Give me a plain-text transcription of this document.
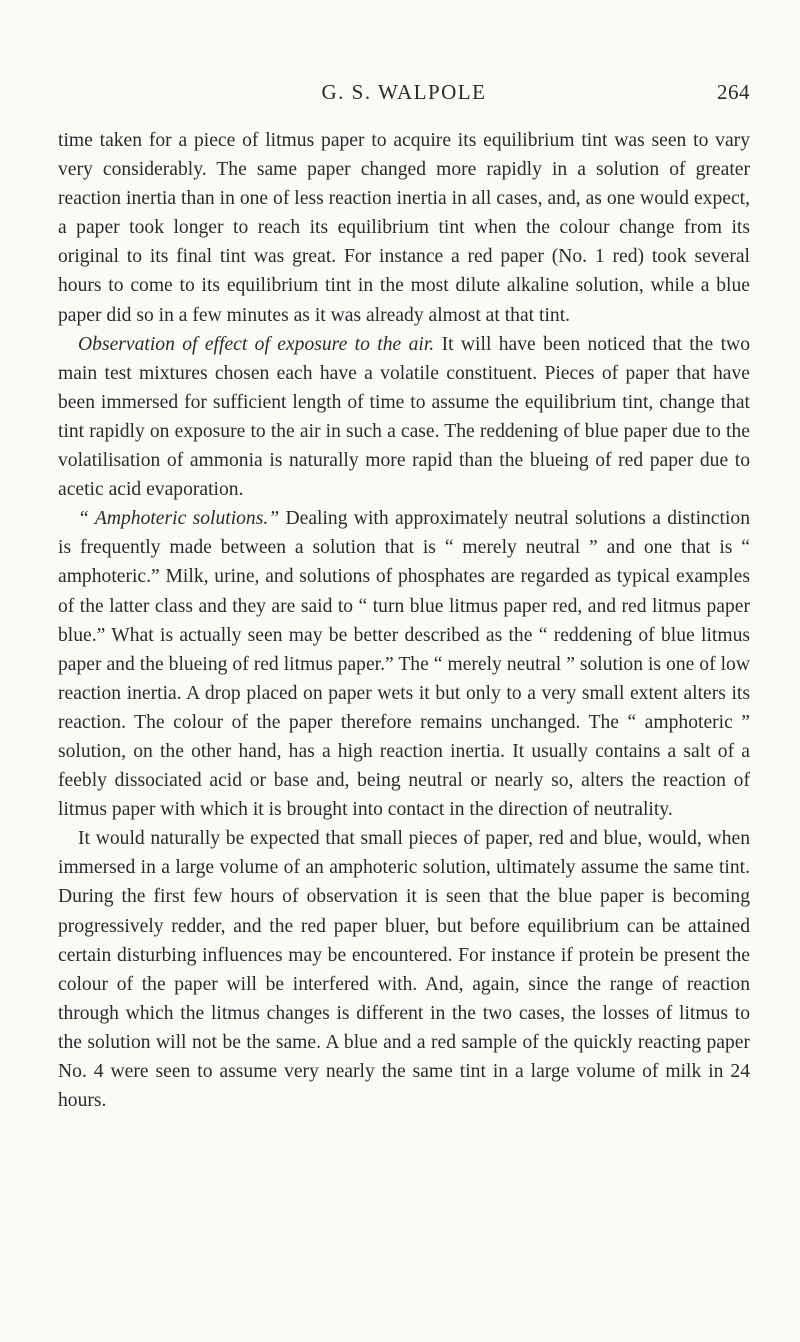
G. S. WALPOLE	264

time taken for a piece of litmus paper to acquire its equilibrium tint was seen to vary very considerably. The same paper changed more rapidly in a solution of greater reaction inertia than in one of less reaction inertia in all cases, and, as one would expect, a paper took longer to reach its equilibrium tint when the colour change from its original to its final tint was great. For instance a red paper (No. 1 red) took several hours to come to its equilibrium tint in the most dilute alkaline solution, while a blue paper did so in a few minutes as it was already almost at that tint.

Observation of effect of exposure to the air. It will have been noticed that the two main test mixtures chosen each have a volatile constituent. Pieces of paper that have been immersed for sufficient length of time to assume the equilibrium tint, change that tint rapidly on exposure to the air in such a case. The reddening of blue paper due to the volatilisation of ammonia is naturally more rapid than the blueing of red paper due to acetic acid evaporation.

“ Amphoteric solutions.” Dealing with approximately neutral solutions a distinction is frequently made between a solution that is “ merely neutral ” and one that is “ amphoteric.” Milk, urine, and solutions of phosphates are regarded as typical examples of the latter class and they are said to “ turn blue litmus paper red, and red litmus paper blue.” What is actually seen may be better described as the “ reddening of blue litmus paper and the blueing of red litmus paper.” The “ merely neutral ” solution is one of low reaction inertia. A drop placed on paper wets it but only to a very small extent alters its reaction. The colour of the paper therefore remains unchanged. The “ amphoteric ” solution, on the other hand, has a high reaction inertia. It usually contains a salt of a feebly dissociated acid or base and, being neutral or nearly so, alters the reaction of litmus paper with which it is brought into contact in the direction of neutrality.

It would naturally be expected that small pieces of paper, red and blue, would, when immersed in a large volume of an amphoteric solution, ultimately assume the same tint. During the first few hours of observation it is seen that the blue paper is becoming progressively redder, and the red paper bluer, but before equilibrium can be attained certain disturbing influences may be encountered. For instance if protein be present the colour of the paper will be interfered with. And, again, since the range of reaction through which the litmus changes is different in the two cases, the losses of litmus to the solution will not be the same. A blue and a red sample of the quickly reacting paper No. 4 were seen to assume very nearly the same tint in a large volume of milk in 24 hours.
